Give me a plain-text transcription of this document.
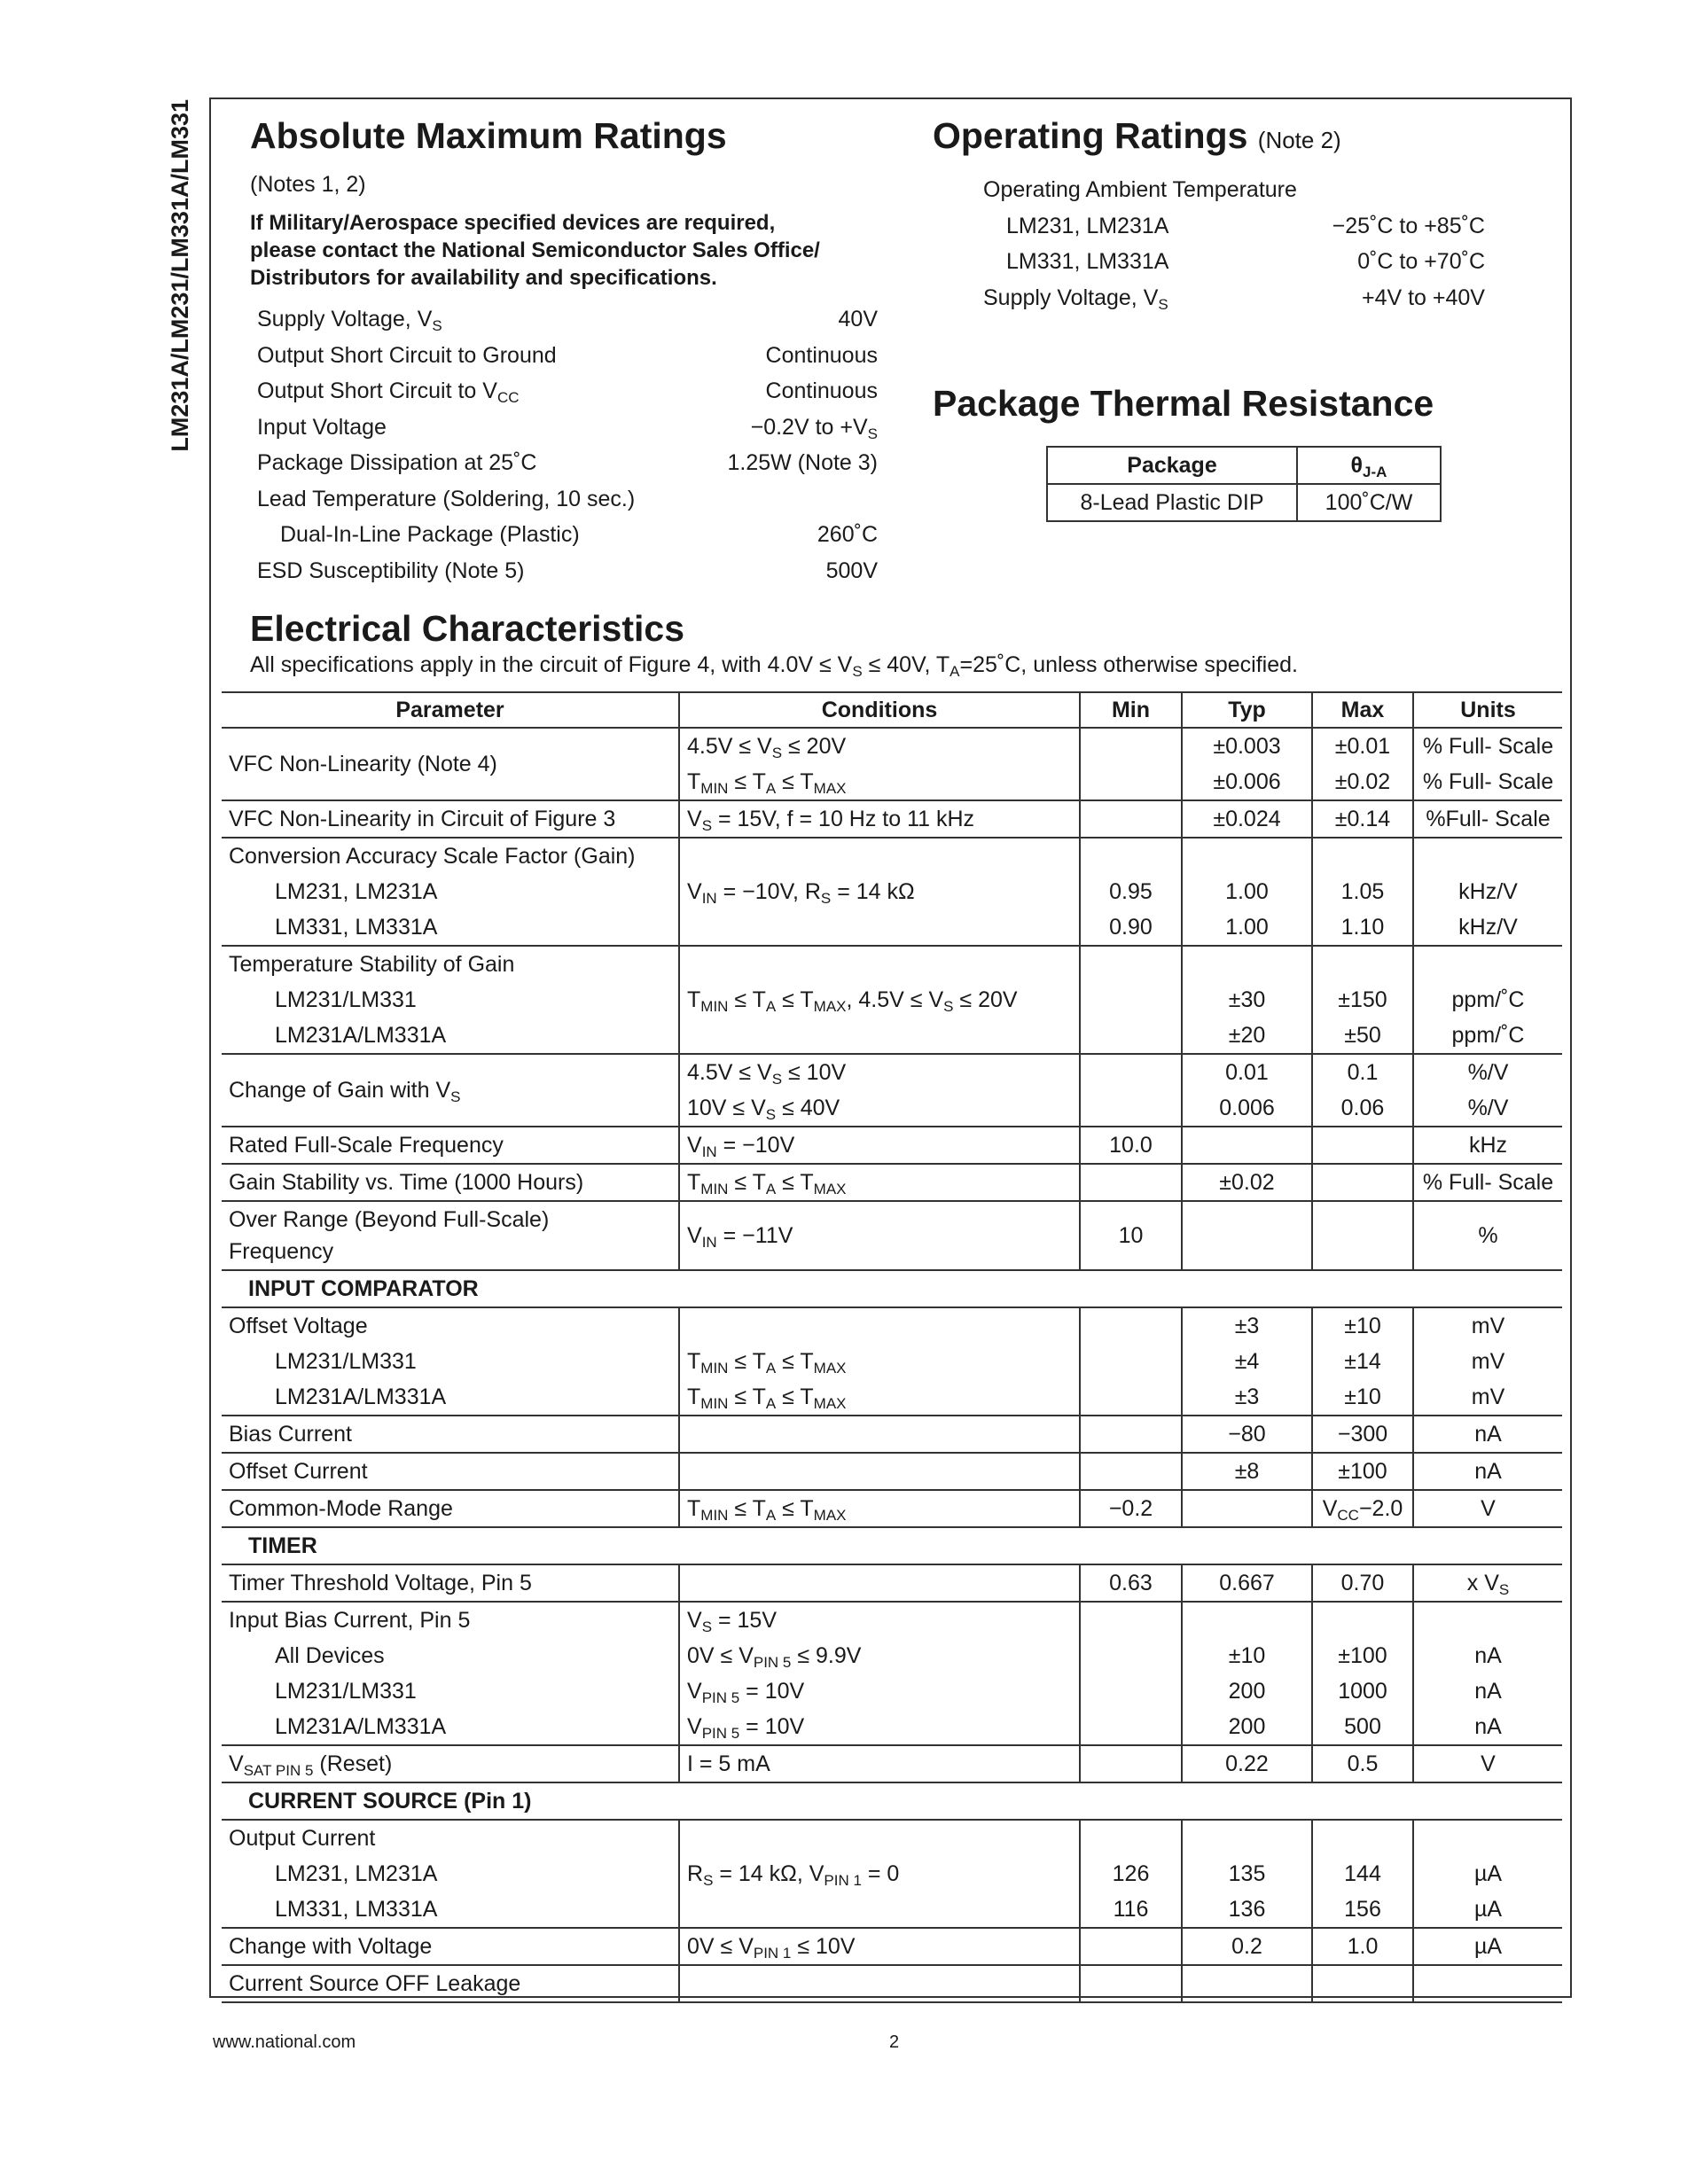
LM231A/LM231/LM331A/LM331 Absolute Maximum Ratings
(Notes 1, 2)
If Military/Aerospace specified devices are required,
please contact the National Semiconductor Sales Office/
Distributors for availability and specifications.
Supply Voltage, $V_S$	40V
Output Short Circuit to Ground	Continuous
Output Short Circuit to $V_{CC}$	Continuous
Input Voltage	−0.2V to $+V_S$
Package Dissipation at 25˚C	1.25W (Note 3)
Lead Temperature (Soldering, 10 sec.)
Dual-In-Line Package (Plastic)	260˚C
ESD Susceptibility (Note 5)	500V
Operating Ratings (Note 2)
Operating Ambient Temperature
LM231, LM231A	−25˚C to +85˚C
LM331, LM331A	0˚C to +70˚C
Supply Voltage, $V_S$	+4V to +40V
Package Thermal Resistance
Package	$\theta_{J-A}$
8-Lead Plastic DIP	100˚C/W
Electrical Characteristics
All specifications apply in the circuit of Figure 4, with $4.0V \le V_S \le 40V$, $T_A=25˚C$, unless otherwise specified.
Parameter	Conditions	Min	Typ	Max	Units
VFC Non-Linearity (Note 4)	$4.5V \le V_S \le 20V$		±0.003	±0.01	% Full- Scale
	$T_{MIN} \le T_A \le T_{MAX}$		±0.006	±0.02	% Full- Scale
VFC Non-Linearity in Circuit of Figure 3	$V_S = 15V$, f = 10 Hz to 11 kHz		±0.024	±0.14	%Full- Scale
Conversion Accuracy Scale Factor (Gain)					
LM231, LM231A	$V_{IN} = -10V$, $R_S = 14$ kΩ	0.95	1.00	1.05	kHz/V
LM331, LM331A		0.90	1.00	1.10	kHz/V
Temperature Stability of Gain					
LM231/LM331	$T_{MIN} \le T_A \le T_{MAX}$, $4.5V \le V_S \le 20V$		±30	±150	ppm/˚C
LM231A/LM331A			±20	±50	ppm/˚C
Change of Gain with $V_S$	$4.5V \le V_S \le 10V$		0.01	0.1	%/V
	$10V \le V_S \le 40V$		0.006	0.06	%/V
Rated Full-Scale Frequency	$V_{IN} = -10V$	10.0			kHz
Gain Stability vs. Time (1000 Hours)	$T_{MIN} \le T_A \le T_{MAX}$		±0.02		% Full- Scale
Over Range (Beyond Full-Scale)
Frequency	$V_{IN} = -11V$	10			%
INPUT COMPARATOR					
Offset Voltage			±3	±10	mV
LM231/LM331	$T_{MIN} \le T_A \le T_{MAX}$		±4	±14	mV
LM231A/LM331A	$T_{MIN} \le T_A \le T_{MAX}$		±3	±10	mV
Bias Current			−80	−300	nA
Offset Current			±8	±100	nA
Common-Mode Range	$T_{MIN} \le T_A \le T_{MAX}$	−0.2		$V_{CC}-2.0$	V
TIMER					
Timer Threshold Voltage, Pin 5		0.63	0.667	0.70	x $V_S$
Input Bias Current, Pin 5	$V_S = 15V$				
All Devices	$0V \le V_{PIN 5} \le 9.9V$		±10	±100	nA
LM231/LM331	$V_{PIN 5} = 10V$		200	1000	nA
LM231A/LM331A	$V_{PIN 5} = 10V$		200	500	nA
$V_{SAT PIN 5}$ (Reset)	I = 5 mA		0.22	0.5	V
CURRENT SOURCE (Pin 1)					
Output Current					
LM231, LM231A	$R_S = 14$ kΩ, $V_{PIN 1} = 0$	126	135	144	µA
LM331, LM331A		116	136	156	µA
Change with Voltage	$0V \le V_{PIN 1} \le 10V$		0.2	1.0	µA
Current Source OFF Leakage					
www.national.com	2
